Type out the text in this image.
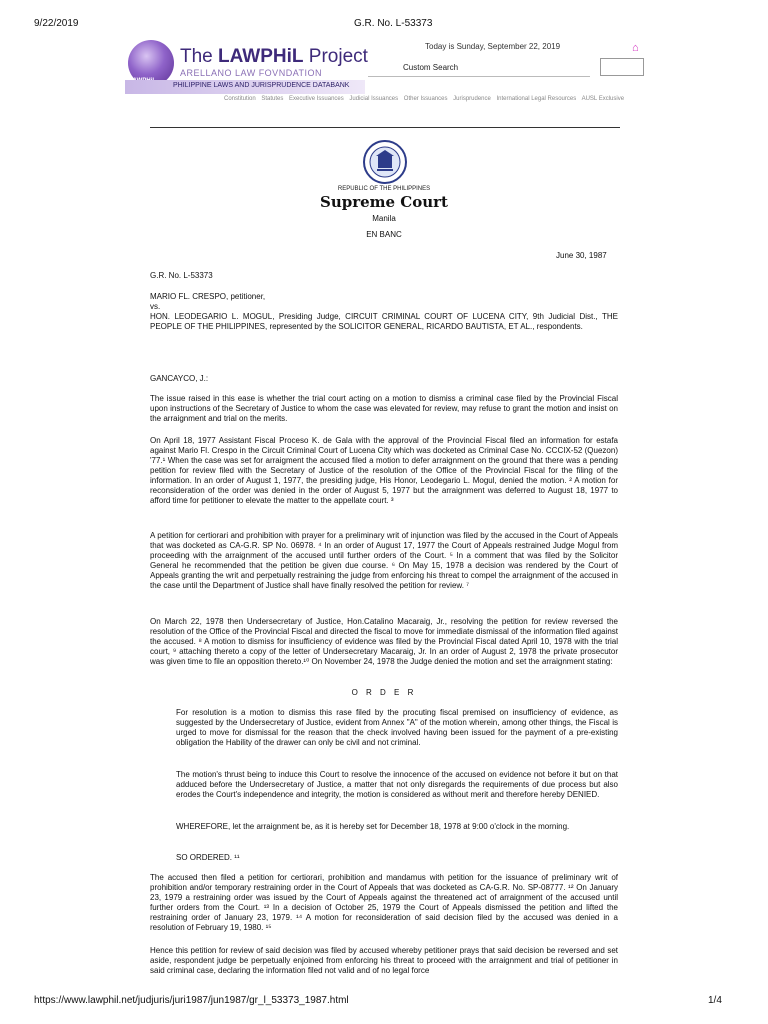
9/22/2019	G.R. No. L-53373
The LAWPHiL Project
ARELLANO LAW FOVNDATION
PHILIPPINE LAWS AND JURISPRUDENCE DATABANK
Today is Sunday, September 22, 2019	⌂
Custom Search
Constitution Statutes Executive Issuances Judicial Issuances Other Issuances Jurisprudence International Legal Resources AUSL Exclusive
REPUBLIC OF THE PHILIPPINES
Supreme Court
Manila
EN BANC
June 30, 1987
G.R. No. L-53373
MARIO FL. CRESPO, petitioner,
vs.

HON. LEODEGARIO L. MOGUL, Presiding Judge, CIRCUIT CRIMINAL COURT OF LUCENA CITY, 9th Judicial Dist., THE PEOPLE OF THE PHILIPPINES, represented by the SOLICITOR GENERAL, RICARDO BAUTISTA, ET AL., respondents.

GANCAYCO, J.:

The issue raised in this ease is whether the trial court acting on a motion to dismiss a criminal case filed by the Provincial Fiscal upon instructions of the Secretary of Justice to whom the case was elevated for review, may refuse to grant the motion and insist on the arraignment and trial on the merits.

On April 18, 1977 Assistant Fiscal Proceso K. de Gala with the approval of the Provincial Fiscal filed an information for estafa against Mario Fl. Crespo in the Circuit Criminal Court of Lucena City which was docketed as Criminal Case No. CCCIX-52 (Quezon) '77.¹ When the case was set for arraigment the accused filed a motion to defer arraignment on the ground that there was a pending petition for review filed with the Secretary of Justice of the resolution of the Office of the Provincial Fiscal for the filing of the information. In an order of August 1, 1977, the presiding judge, His Honor, Leodegario L. Mogul, denied the motion. ² A motion for reconsideration of the order was denied in the order of August 5, 1977 but the arraignment was deferred to August 18, 1977 to afford time for petitioner to elevate the matter to the appellate court. ³

A petition for certiorari and prohibition with prayer for a preliminary writ of injunction was filed by the accused in the Court of Appeals that was docketed as CA-G.R. SP No. 06978. ⁴ In an order of August 17, 1977 the Court of Appeals restrained Judge Mogul from proceeding with the arraignment of the accused until further orders of the Court. ⁵ In a comment that was filed by the Solicitor General he recommended that the petition be given due course. ⁶ On May 15, 1978 a decision was rendered by the Court of Appeals granting the writ and perpetually restraining the judge from enforcing his threat to compel the arraignment of the accused in the case until the Department of Justice shall have finally resolved the petition for review. ⁷

On March 22, 1978 then Undersecretary of Justice, Hon.Catalino Macaraig, Jr., resolving the petition for review reversed the resolution of the Office of the Provincial Fiscal and directed the fiscal to move for immediate dismissal of the information filed against the accused. ⁸ A motion to dismiss for insufficiency of evidence was filed by the Provincial Fiscal dated April 10, 1978 with the trial court, ⁹ attaching thereto a copy of the letter of Undersecretary Macaraig, Jr. In an order of August 2, 1978 the private prosecutor was given time to file an opposition thereto.¹⁰ On November 24, 1978 the Judge denied the motion and set the arraignment stating:

O R D E R

For resolution is a motion to dismiss this rase filed by the procuting fiscal premised on insufficiency of evidence, as suggested by the Undersecretary of Justice, evident from Annex "A" of the motion wherein, among other things, the Fiscal is urged to move for dismissal for the reason that the check involved having been issued for the payment of a pre-existing obligation the Hability of the drawer can only be civil and not criminal.

The motion's thrust being to induce this Court to resolve the innocence of the accused on evidence not before it but on that adduced before the Undersecretary of Justice, a matter that not only disregards the requirements of due process but also erodes the Court's independence and integrity, the motion is considered as without merit and therefore hereby DENIED.

WHEREFORE, let the arraignment be, as it is hereby set for December 18, 1978 at 9:00 o'clock in the morning.

SO ORDERED. ¹¹

The accused then filed a petition for certiorari, prohibition and mandamus with petition for the issuance of preliminary writ of prohibition and/or temporary restraining order in the Court of Appeals that was docketed as CA-G.R. No. SP-08777. ¹² On January 23, 1979 a restraining order was issued by the Court of Appeals against the threatened act of arraignment of the accused until further orders from the Court. ¹³ In a decision of October 25, 1979 the Court of Appeals dismissed the petition and lifted the restraining order of January 23, 1979. ¹⁴ A motion for reconsideration of said decision filed by the accused was denied in a resolution of February 19, 1980. ¹⁵

Hence this petition for review of said decision was filed by accused whereby petitioner prays that said decision be reversed and set aside, respondent judge be perpetually enjoined from enforcing his threat to proceed with the arraignment and trial of petitioner in said criminal case, declaring the information filed not valid and of no legal force

https://www.lawphil.net/judjuris/juri1987/jun1987/gr_l_53373_1987.html	1/4
